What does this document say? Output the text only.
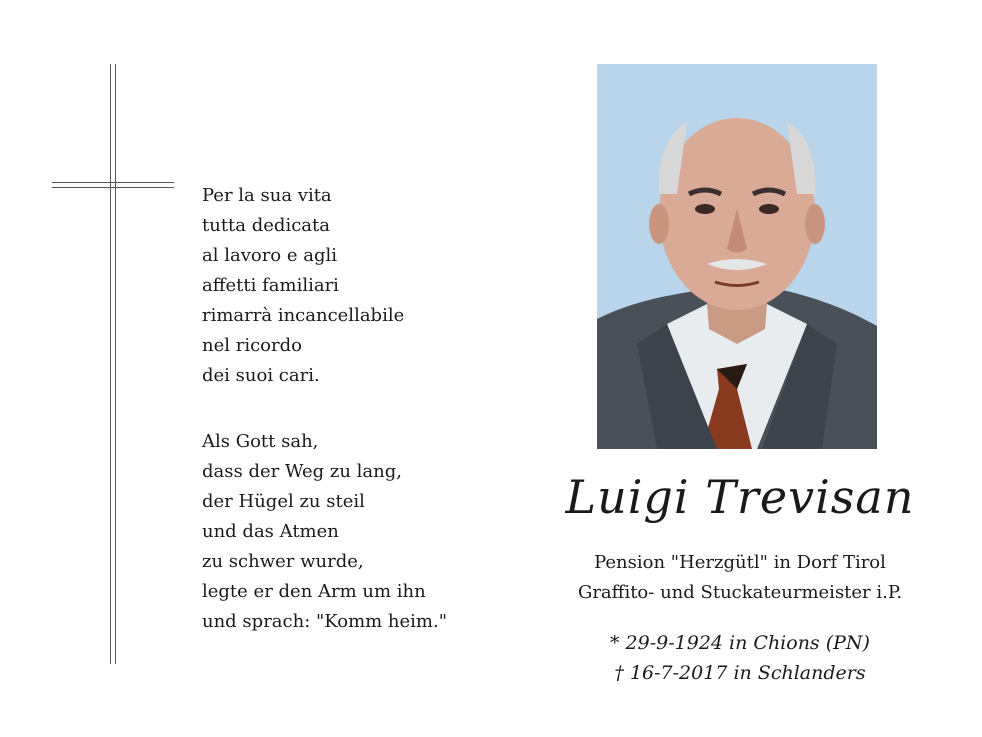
Per la sua vita
tutta dedicata
al lavoro e agli
affetti familiari
rimarrà incancellabile
nel ricordo
dei suoi cari.
Als Gott sah,
dass der Weg zu lang,
der Hügel zu steil
und das Atmen
zu schwer wurde,
legte er den Arm um ihn
und sprach: "Komm heim."
Luigi Trevisan
Pension "Herzgütl" in Dorf Tirol
Graffito- und Stuckateurmeister i.P.
* 29-9-1924 in Chions (PN)
† 16-7-2017 in Schlanders
